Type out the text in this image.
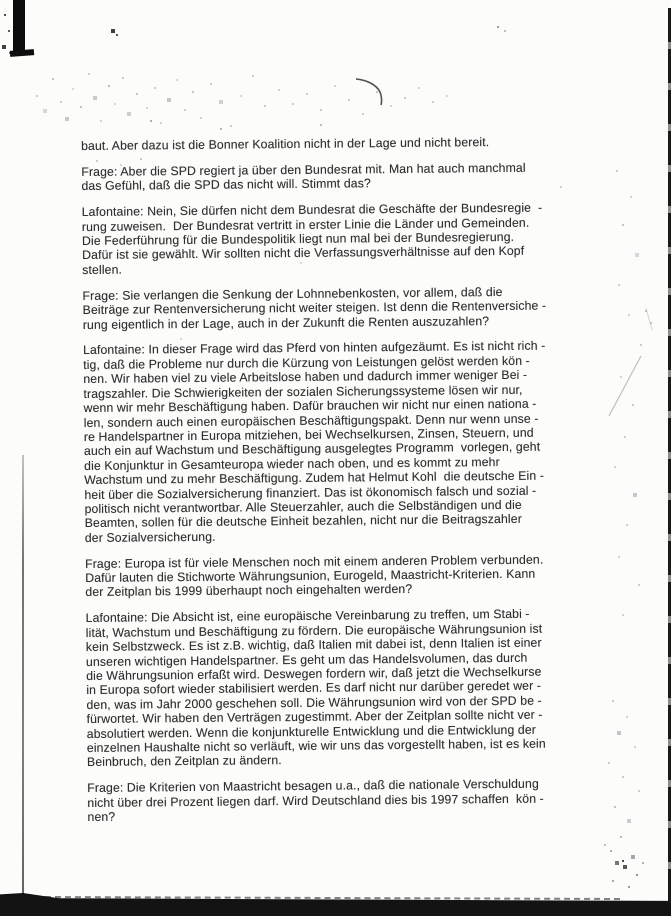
baut. Aber dazu ist die Bonner Koalition nicht in der Lage und nicht bereit.

Frage: Aber die SPD regiert ja über den Bundesrat mit. Man hat auch manchmal
das Gefühl, daß die SPD das nicht will. Stimmt das?

Lafontaine: Nein, Sie dürfen nicht dem Bundesrat die Geschäfte der Bundesregie  -
rung zuweisen.  Der Bundesrat vertritt in erster Linie die Länder und Gemeinden.
Die Federführung für die Bundespolitik liegt nun mal bei der Bundesregierung.
Dafür ist sie gewählt. Wir sollten nicht die Verfassungsverhältnisse auf den Kopf
stellen.

Frage: Sie verlangen die Senkung der Lohnnebenkosten, vor allem, daß die
Beiträge zur Rentenversicherung nicht weiter steigen. Ist denn die Rentenversiche -
rung eigentlich in der Lage, auch in der Zukunft die Renten auszuzahlen?

Lafontaine: In dieser Frage wird das Pferd von hinten aufgezäumt. Es ist nicht rich -
tig, daß die Probleme nur durch die Kürzung von Leistungen gelöst werden kön -
nen. Wir haben viel zu viele Arbeitslose haben und dadurch immer weniger Bei -
tragszahler. Die Schwierigkeiten der sozialen Sicherungssysteme lösen wir nur,
wenn wir mehr Beschäftigung haben. Dafür brauchen wir nicht nur einen nationa -
len, sondern auch einen europäischen Beschäftigungspakt. Denn nur wenn unse -
re Handelspartner in Europa mitziehen, bei Wechselkursen, Zinsen, Steuern, und
auch ein auf Wachstum und Beschäftigung ausgelegtes Programm  vorlegen, geht
die Konjunktur in Gesamteuropa wieder nach oben, und es kommt zu mehr
Wachstum und zu mehr Beschäftigung. Zudem hat Helmut Kohl  die deutsche Ein -
heit über die Sozialversicherung finanziert. Das ist ökonomisch falsch und sozial -
politisch nicht verantwortbar. Alle Steuerzahler, auch die Selbständigen und die
Beamten, sollen für die deutsche Einheit bezahlen, nicht nur die Beitragszahler
der Sozialversicherung.

Frage: Europa ist für viele Menschen noch mit einem anderen Problem verbunden.
Dafür lauten die Stichworte Währungsunion, Eurogeld, Maastricht-Kriterien. Kann
der Zeitplan bis 1999 überhaupt noch eingehalten werden?

Lafontaine: Die Absicht ist, eine europäische Vereinbarung zu treffen, um Stabi -
lität, Wachstum und Beschäftigung zu fördern. Die europäische Währungsunion ist
kein Selbstzweck. Es ist z.B. wichtig, daß Italien mit dabei ist, denn Italien ist einer
unseren wichtigen Handelspartner. Es geht um das Handelsvolumen, das durch
die Währungsunion erfaßt wird. Deswegen fordern wir, daß jetzt die Wechselkurse
in Europa sofort wieder stabilisiert werden. Es darf nicht nur darüber geredet wer -
den, was im Jahr 2000 geschehen soll. Die Währungsunion wird von der SPD be -
fürwortet. Wir haben den Verträgen zugestimmt. Aber der Zeitplan sollte nicht ver -
absolutiert werden. Wenn die konjunkturelle Entwicklung und die Entwicklung der
einzelnen Haushalte nicht so verläuft, wie wir uns das vorgestellt haben, ist es kein
Beinbruch, den Zeitplan zu ändern.

Frage: Die Kriterien von Maastricht besagen u.a., daß die nationale Verschuldung
nicht über drei Prozent liegen darf. Wird Deutschland dies bis 1997 schaffen  kön -
nen?
